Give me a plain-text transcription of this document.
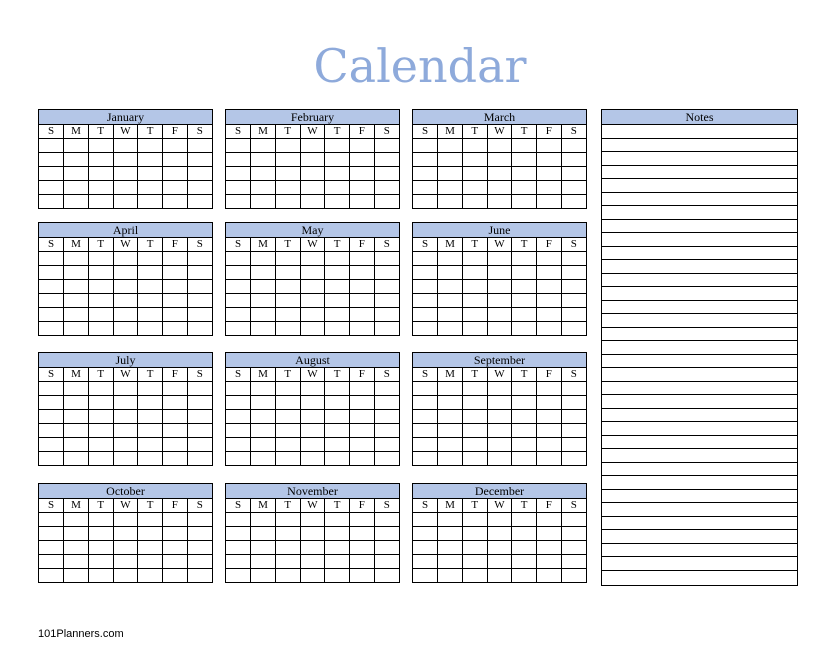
Calendar
January
S	M	T	W	T	F	S

February
S	M	T	W	T	F	S

March
S	M	T	W	T	F	S

April
S	M	T	W	T	F	S

May
S	M	T	W	T	F	S

June
S	M	T	W	T	F	S

July
S	M	T	W	T	F	S

August
S	M	T	W	T	F	S

September
S	M	T	W	T	F	S

October
S	M	T	W	T	F	S

November
S	M	T	W	T	F	S

December
S	M	T	W	T	F	S

Notes
101Planners.com
